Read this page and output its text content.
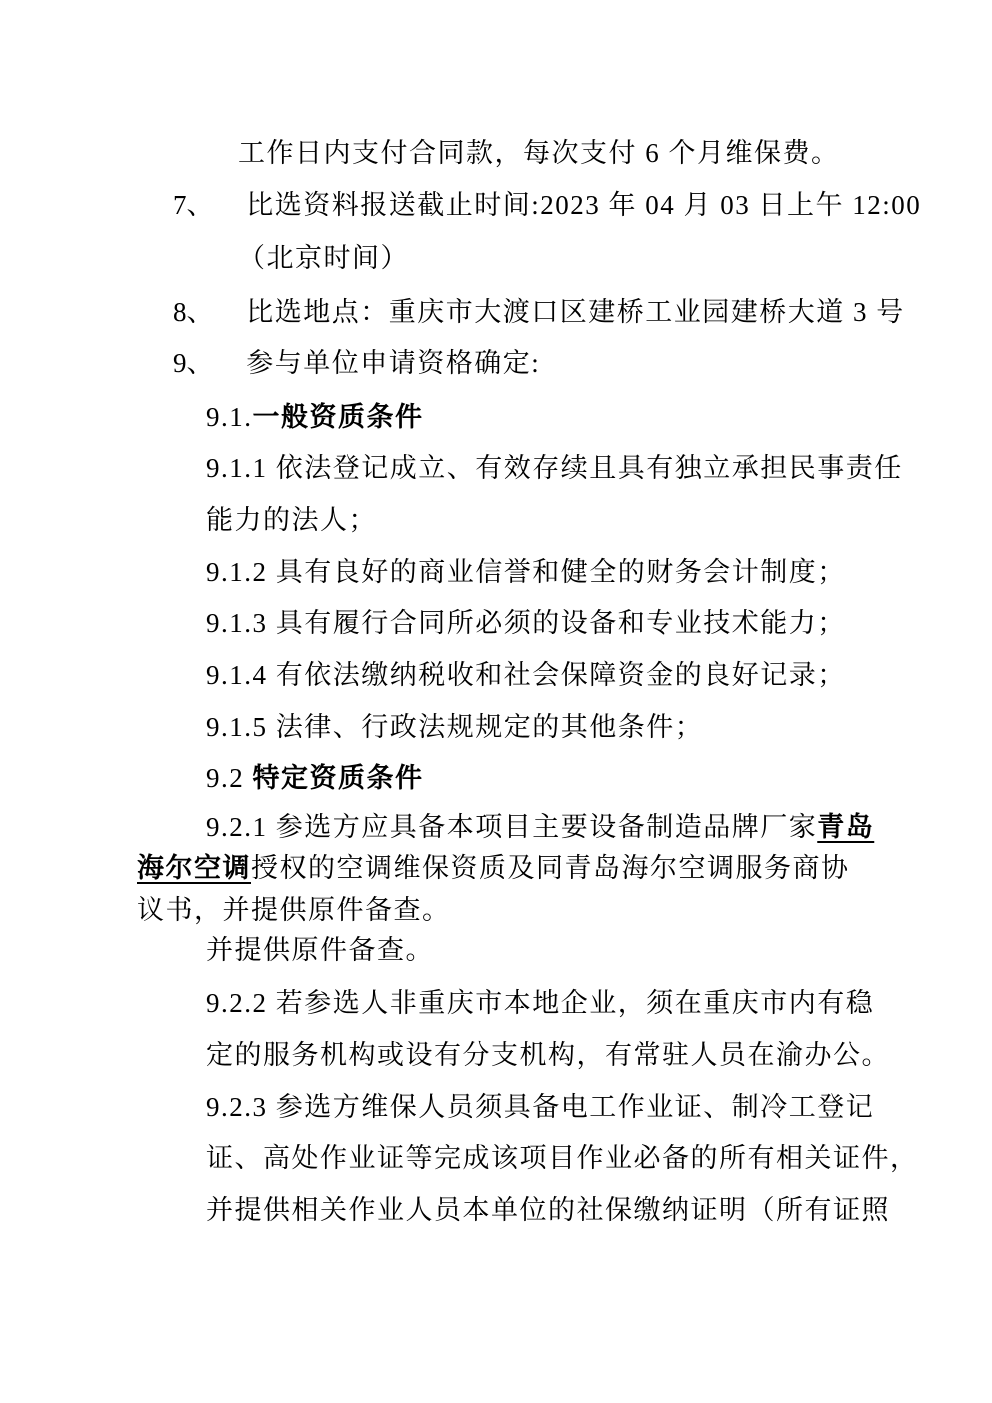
工作日内支付合同款，每次支付 6 个月维保费。
7、 比选资料报送截止时间:2023 年 04 月 03 日上午 12:00
（北京时间）
8、 比选地点：重庆市大渡口区建桥工业园建桥大道 3 号
9、 参与单位申请资格确定:
9.1.一般资质条件
9.1.1 依法登记成立、有效存续且具有独立承担民事责任
能力的法人；
9.1.2 具有良好的商业信誉和健全的财务会计制度；
9.1.3 具有履行合同所必须的设备和专业技术能力；
9.1.4 有依法缴纳税收和社会保障资金的良好记录；
9.1.5 法律、行政法规规定的其他条件；
9.2 特定资质条件
9.2.1 参选方应具备本项目主要设备制造品牌厂家青岛
海尔空调授权的空调维保资质及同青岛海尔空调服务商协
议书，并提供原件备查。
并提供原件备查。
9.2.2 若参选人非重庆市本地企业，须在重庆市内有稳
定的服务机构或设有分支机构，有常驻人员在渝办公。
9.2.3 参选方维保人员须具备电工作业证、制冷工登记
证、高处作业证等完成该项目作业必备的所有相关证件，
并提供相关作业人员本单位的社保缴纳证明（所有证照
